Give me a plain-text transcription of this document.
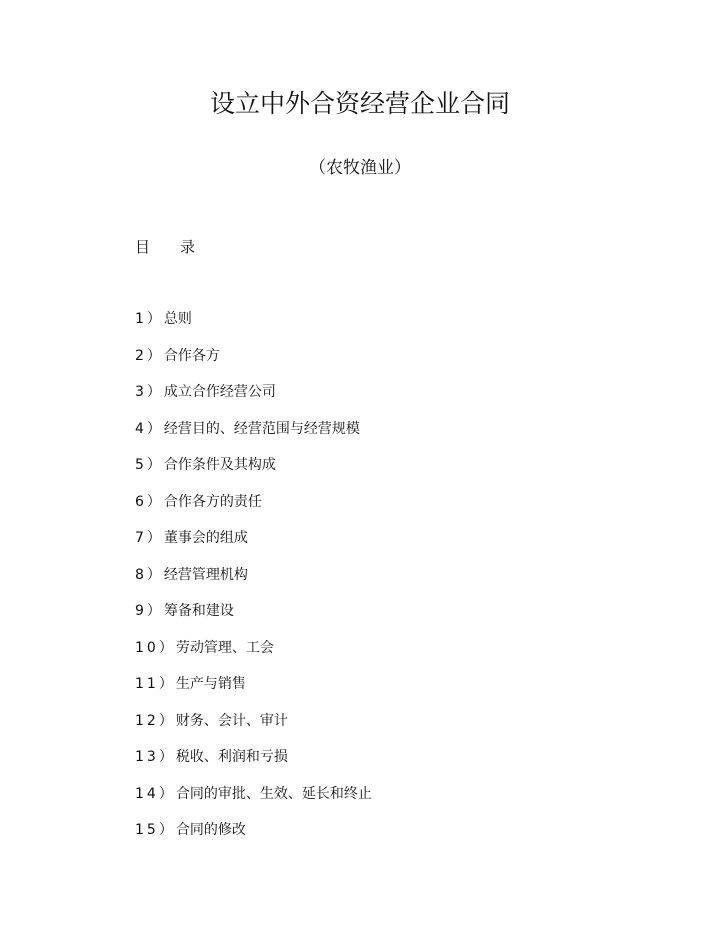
设立中外合资经营企业合同

（农牧渔业）

目 录

1）总则
2）合作各方
3）成立合作经营公司
4）经营目的、经营范围与经营规模
5）合作条件及其构成
6）合作各方的责任
7）董事会的组成
8）经营管理机构
9）筹备和建设
10）劳动管理、工会
11）生产与销售
12）财务、会计、审计
13）税收、利润和亏损
14）合同的审批、生效、延长和终止
15）合同的修改
